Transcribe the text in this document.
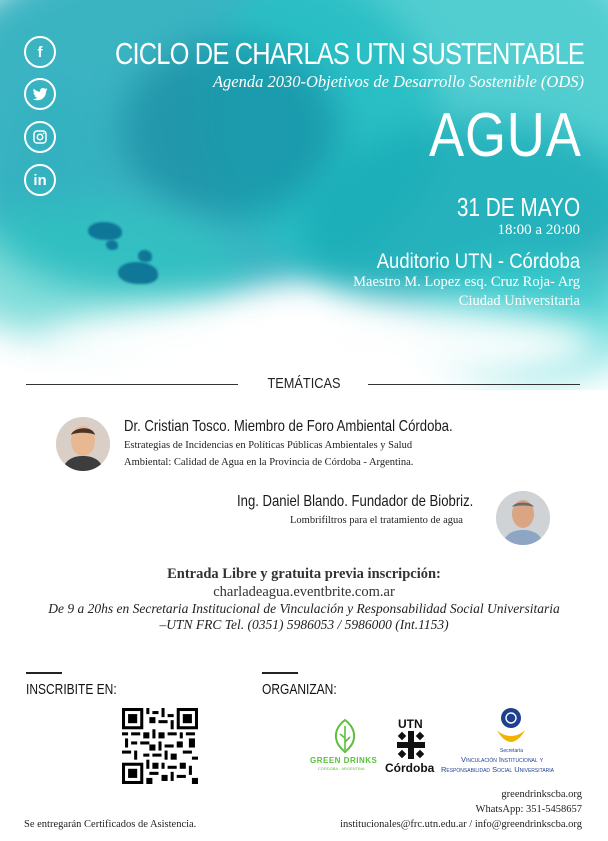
f
in
CICLO DE CHARLAS UTN SUSTENTABLE
Agenda 2030-Objetivos de Desarrollo Sostenible (ODS)
AGUA
31 DE MAYO
18:00 a 20:00
Auditorio UTN - Córdoba
Maestro M. Lopez esq. Cruz Roja- Arg
Ciudad Universitaria
TEMÁTICAS
Dr. Cristian Tosco. Miembro de Foro Ambiental Córdoba.
Estrategias de Incidencias en Políticas Públicas Ambientales y Salud
Ambiental: Calidad de Agua en la Provincia de Córdoba - Argentina.
Ing. Daniel Blando. Fundador de Biobriz.
Lombrifiltros para el tratamiento de agua
Entrada Libre y gratuita previa inscripción:
charladeagua.eventbrite.com.ar
De 9 a 20hs en Secretaria Institucional de Vinculación y Responsabilidad Social Universitaria
–UTN FRC Tel. (0351) 5986053 / 5986000 (Int.1153)
INSCRIBITE EN:	ORGANIZAN:
GREEN DRINKS
CÓRDOBA · ARGENTINA
UTN
Córdoba
Secretaría
Vinculación Institucional y
Responsabilidad Social Universitaria
greendrinkscba.org
WhatsApp: 351-5458657
Se entregarán Certificados de Asistencia.	institucionales@frc.utn.edu.ar / info@greendrinkscba.org
